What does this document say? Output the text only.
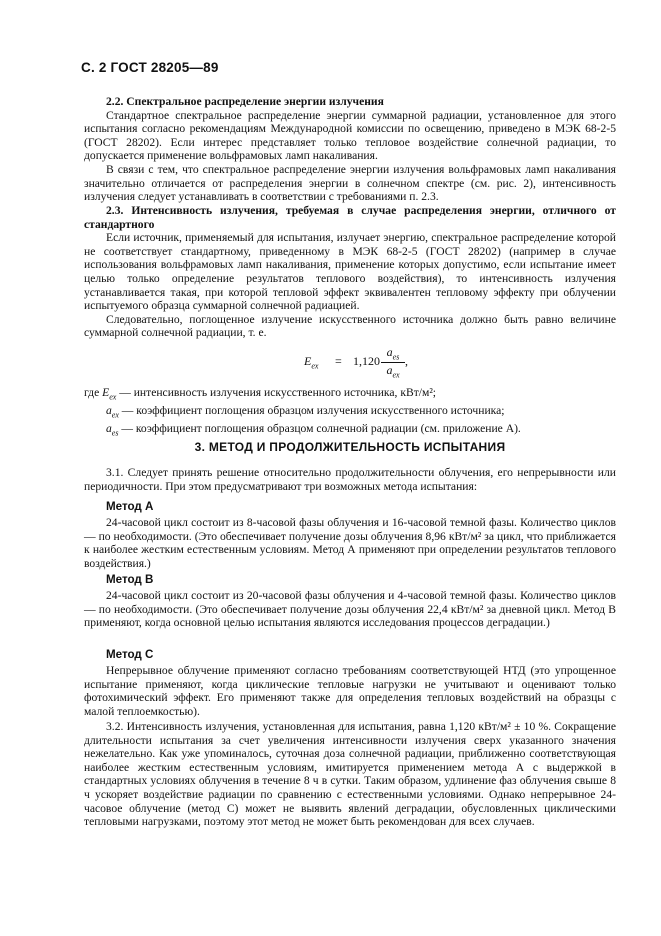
С. 2 ГОСТ 28205—89
2.2. Спектральное распределение энергии излучения
Стандартное спектральное распределение энергии суммарной радиации, установленное для этого испытания согласно рекомендациям Международной комиссии по освещению, приведено в МЭК 68-2-5 (ГОСТ 28202). Если интерес представляет только тепловое воздействие солнечной радиации, то допускается применение вольфрамовых ламп накаливания.
В связи с тем, что спектральное распределение энергии излучения вольфрамовых ламп накаливания значительно отличается от распределения энергии в солнечном спектре (см. рис. 2), интенсивность излучения следует устанавливать в соответствии с требованиями п. 2.3.
2.3. Интенсивность излучения, требуемая в случае распределения энергии, отличного от стандартного
Если источник, применяемый для испытания, излучает энергию, спектральное распределение которой не соответствует стандартному, приведенному в МЭК 68-2-5 (ГОСТ 28202) (например в случае использования вольфрамовых ламп накаливания, применение которых допустимо, если испытание имеет целью только определение результатов теплового воздействия), то интенсивность излучения устанавливается такая, при которой тепловой эффект эквивалентен тепловому эффекту при облучении испытуемого образца суммарной солнечной радиацией.
Следовательно, поглощенное излучение искусственного источника должно быть равно величине суммарной солнечной радиации, т. е.
$E_{ex} = 1,120$
$a_{es}$
$a_{ex}$
,
где $E_{ex}$ — интенсивность излучения искусственного источника, кВт/м²;
$a_{ex}$ — коэффициент поглощения образцом излучения искусственного источника;
$a_{es}$ — коэффициент поглощения образцом солнечной радиации (см. приложение А).
3. МЕТОД И ПРОДОЛЖИТЕЛЬНОСТЬ ИСПЫТАНИЯ
3.1. Следует принять решение относительно продолжительности облучения, его непрерывности или периодичности. При этом предусматривают три возможных метода испытания:
Метод А
24-часовой цикл состоит из 8-часовой фазы облучения и 16-часовой темной фазы. Количество циклов — по необходимости. (Это обеспечивает получение дозы облучения 8,96 кВт/м² за цикл, что приближается к наиболее жестким естественным условиям. Метод А применяют при определении результатов теплового воздействия.)
Метод В
24-часовой цикл состоит из 20-часовой фазы облучения и 4-часовой темной фазы. Количество циклов — по необходимости. (Это обеспечивает получение дозы облучения 22,4 кВт/м² за дневной цикл. Метод В применяют, когда основной целью испытания являются исследования процессов деградации.)
Метод С
Непрерывное облучение применяют согласно требованиям соответствующей НТД (это упрощенное испытание применяют, когда циклические тепловые нагрузки не учитывают и оценивают только фотохимический эффект. Его применяют также для определения тепловых воздействий на образцы с малой теплоемкостью).
3.2. Интенсивность излучения, установленная для испытания, равна 1,120 кВт/м² ± 10 %. Сокращение длительности испытания за счет увеличения интенсивности излучения сверх указанного значения нежелательно. Как уже упоминалось, суточная доза солнечной радиации, приближенно соответствующая наиболее жестким естественным условиям, имитируется применением метода А с выдержкой в стандартных условиях облучения в течение 8 ч в сутки. Таким образом, удлинение фаз облучения свыше 8 ч ускоряет воздействие радиации по сравнению с естественными условиями. Однако непрерывное 24-часовое облучение (метод С) может не выявить явлений деградации, обусловленных циклическими тепловыми нагрузками, поэтому этот метод не может быть рекомендован для всех случаев.
